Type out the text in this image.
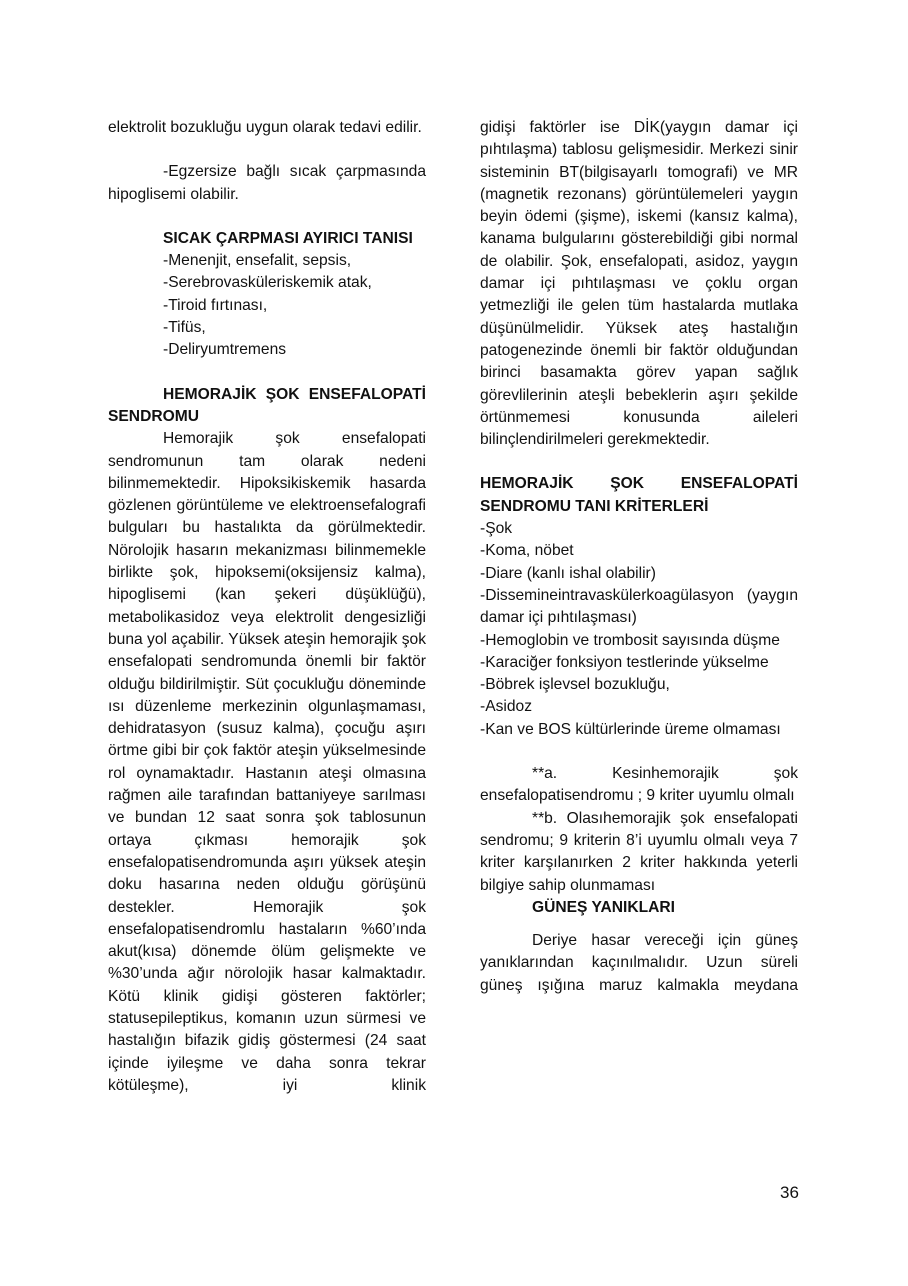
elektrolit bozukluğu uygun olarak tedavi edilir.

-Egzersize bağlı sıcak çarpmasında hipoglisemi olabilir.

SICAK ÇARPMASI AYIRICI TANISI

-Menenjit, ensefalit, sepsis,

-Serebrovasküleriskemik atak,

-Tiroid fırtınası,

-Tifüs,

-Deliryumtremens

HEMORAJİK ŞOK ENSEFALOPATİ SENDROMU

Hemorajik şok ensefalopati sendromunun tam olarak nedeni bilinmemektedir. Hipoksikiskemik hasarda gözlenen görüntüleme ve elektroensefalografi bulguları bu hastalıkta da görülmektedir. Nörolojik hasarın mekanizması bilinmemekle birlikte şok, hipoksemi(oksijensiz kalma), hipoglisemi (kan şekeri düşüklüğü), metabolikasidoz veya elektrolit dengesizliği buna yol açabilir. Yüksek ateşin hemorajik şok ensefalopati sendromunda önemli bir faktör olduğu bildirilmiştir. Süt çocukluğu döneminde ısı düzenleme merkezinin olgunlaşmaması, dehidratasyon (susuz kalma), çocuğu aşırı örtme gibi bir çok faktör ateşin yükselmesinde rol oynamaktadır. Hastanın ateşi olmasına rağmen aile tarafından battaniyeye sarılması ve bundan 12 saat sonra şok tablosunun ortaya çıkması hemorajik şok ensefalopatisendromunda aşırı yüksek ateşin doku hasarına neden olduğu görüşünü destekler. Hemorajik şok ensefalopatisendromlu hastaların %60’ında akut(kısa) dönemde ölüm gelişmekte ve %30’unda ağır nörolojik hasar kalmaktadır. Kötü klinik gidişi gösteren faktörler; statusepileptikus, komanın uzun sürmesi ve hastalığın bifazik gidiş göstermesi (24 saat içinde iyileşme ve daha sonra tekrar kötüleşme), iyi klinik

gidişi faktörler ise DİK(yaygın damar içi pıhtılaşma) tablosu gelişmesidir. Merkezi sinir sisteminin BT(bilgisayarlı tomografi) ve MR (magnetik rezonans) görüntülemeleri yaygın beyin ödemi (şişme), iskemi (kansız kalma), kanama bulgularını gösterebildiği gibi normal de olabilir. Şok, ensefalopati, asidoz, yaygın damar içi pıhtılaşması ve çoklu organ yetmezliği ile gelen tüm hastalarda mutlaka düşünülmelidir. Yüksek ateş hastalığın patogenezinde önemli bir faktör olduğundan birinci basamakta görev yapan sağlık görevlilerinin ateşli bebeklerin aşırı şekilde örtünmemesi konusunda aileleri bilinçlendirilmeleri gerekmektedir.

HEMORAJİK ŞOK ENSEFALOPATİ SENDROMU TANI KRİTERLERİ

-Şok

-Koma, nöbet

-Diare (kanlı ishal olabilir)

-Dissemineintravaskülerkoagülasyon (yaygın damar içi pıhtılaşması)

-Hemoglobin ve trombosit sayısında düşme

-Karaciğer fonksiyon testlerinde yükselme

-Böbrek işlevsel bozukluğu,

-Asidoz

-Kan ve BOS kültürlerinde üreme olmaması

**a. Kesinhemorajik şok ensefalopatisendromu ; 9 kriter uyumlu olmalı

**b. Olasıhemorajik şok ensefalopati sendromu; 9 kriterin 8’i uyumlu olmalı veya 7 kriter karşılanırken 2 kriter hakkında yeterli bilgiye sahip olunmaması

GÜNEŞ YANIKLARI

Deriye hasar vereceği için güneş yanıklarından kaçınılmalıdır. Uzun süreli güneş ışığına maruz kalmakla meydana

36
